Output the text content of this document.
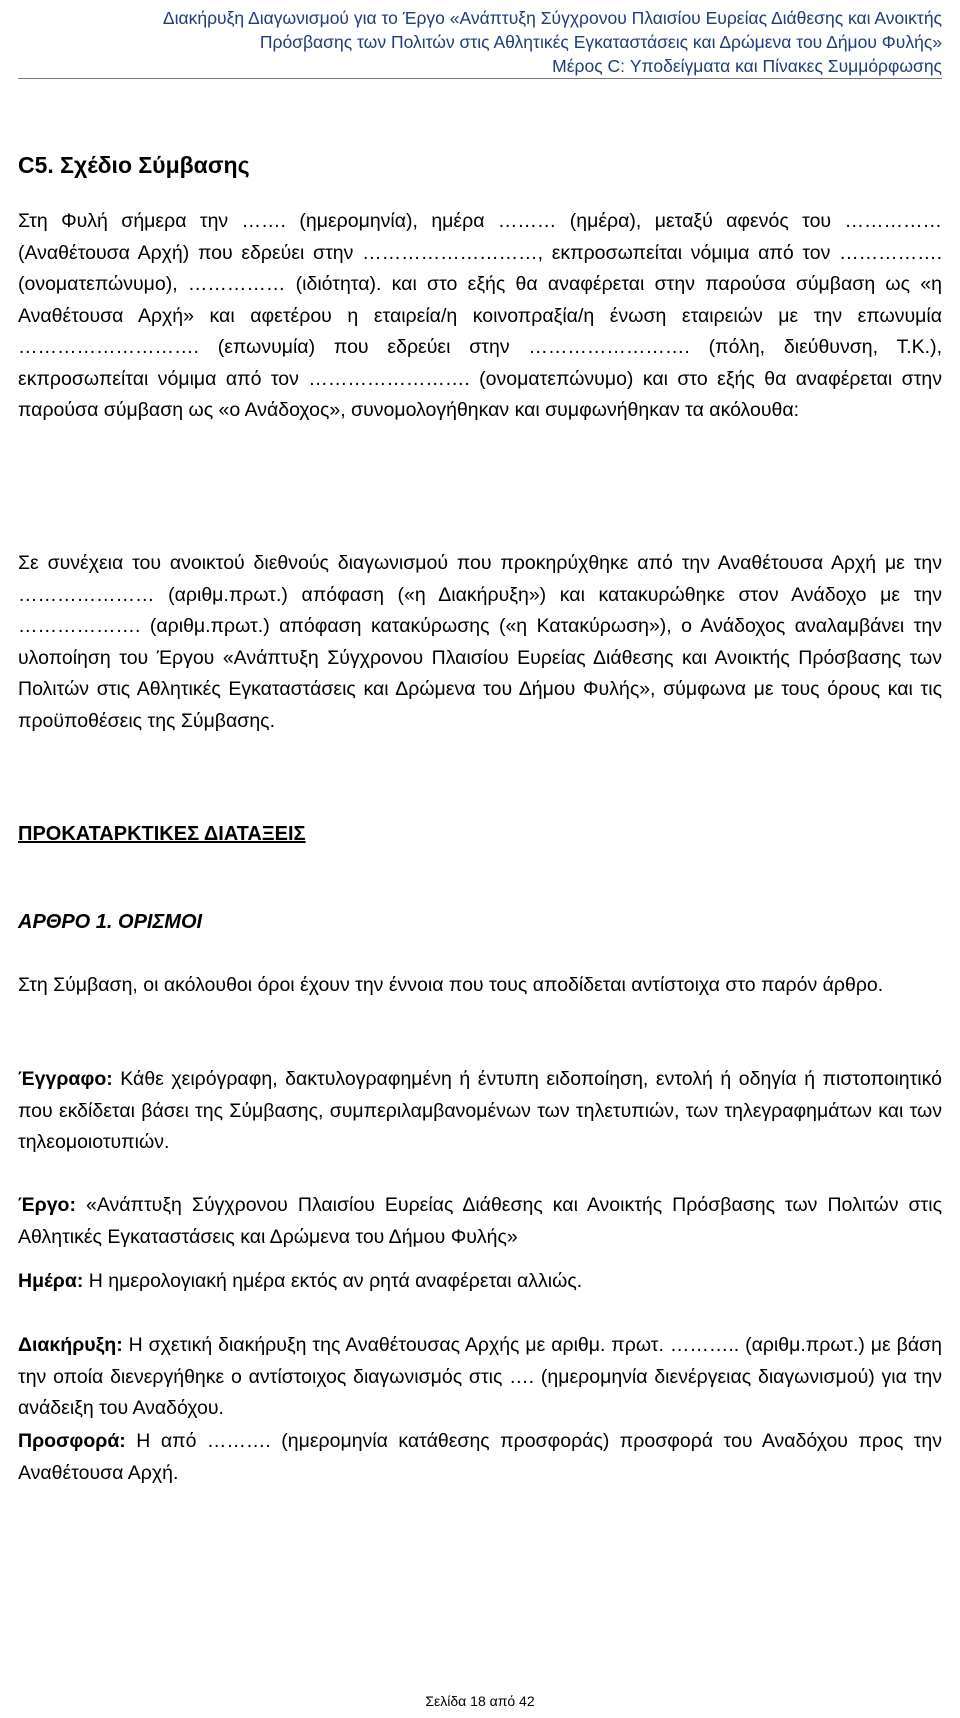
Διακήρυξη Διαγωνισμού για το Έργο «Ανάπτυξη Σύγχρονου Πλαισίου Ευρείας Διάθεσης και Ανοικτής
Πρόσβασης των Πολιτών στις Αθλητικές Εγκαταστάσεις και Δρώμενα του Δήμου Φυλής»
Μέρος C: Υποδείγματα και Πίνακες Συμμόρφωσης
C5. Σχέδιο Σύμβασης
Στη Φυλή σήμερα την ……. (ημερομηνία), ημέρα ……… (ημέρα), μεταξύ αφενός του ……………(Αναθέτουσα Αρχή) που εδρεύει στην ………………………, εκπροσωπείται νόμιμα από τον ……………. (ονοματεπώνυμο), …………… (ιδιότητα). και στο εξής θα αναφέρεται στην παρούσα σύμβαση ως «η Αναθέτουσα Αρχή» και αφετέρου η εταιρεία/η κοινοπραξία/η ένωση εταιρειών με την επωνυμία ………………………. (επωνυμία) που εδρεύει στην ……………………. (πόλη, διεύθυνση, Τ.Κ.), εκπροσωπείται νόμιμα από τον ……………………. (ονοματεπώνυμο) και στο εξής θα αναφέρεται στην παρούσα σύμβαση ως «ο Ανάδοχος», συνομολογήθηκαν και συμφωνήθηκαν τα ακόλουθα:
Σε συνέχεια του ανοικτού διεθνούς διαγωνισμού που προκηρύχθηκε από την Αναθέτουσα Αρχή με την ………………… (αριθμ.πρωτ.) απόφαση («η Διακήρυξη») και κατακυρώθηκε στον Ανάδοχο με την ………………. (αριθμ.πρωτ.) απόφαση κατακύρωσης («η Κατακύρωση»), ο Ανάδοχος αναλαμβάνει την υλοποίηση του Έργου «Ανάπτυξη Σύγχρονου Πλαισίου Ευρείας Διάθεσης και Ανοικτής Πρόσβασης των Πολιτών στις Αθλητικές Εγκαταστάσεις και Δρώμενα του Δήμου Φυλής», σύμφωνα με τους όρους και τις προϋποθέσεις της Σύμβασης.
ΠΡΟΚΑΤΑΡΚΤΙΚΕΣ ΔΙΑΤΑΞΕΙΣ
ΑΡΘΡΟ 1. ΟΡΙΣΜΟΙ
Στη Σύμβαση, οι ακόλουθοι όροι έχουν την έννοια που τους αποδίδεται αντίστοιχα στο παρόν άρθρο.
Έγγραφο: Κάθε χειρόγραφη, δακτυλογραφημένη ή έντυπη ειδοποίηση, εντολή ή οδηγία ή πιστοποιητικό που εκδίδεται βάσει της Σύμβασης, συμπεριλαμβανομένων των τηλετυπιών, των τηλεγραφημάτων και των τηλεομοιοτυπιών.
Έργο: «Ανάπτυξη Σύγχρονου Πλαισίου Ευρείας Διάθεσης και Ανοικτής Πρόσβασης των Πολιτών στις Αθλητικές Εγκαταστάσεις και Δρώμενα του Δήμου Φυλής»
Ημέρα: Η ημερολογιακή ημέρα εκτός αν ρητά αναφέρεται αλλιώς.
Διακήρυξη: Η σχετική διακήρυξη της Αναθέτουσας Αρχής με αριθμ. πρωτ. ……….. (αριθμ.πρωτ.) με βάση την οποία διενεργήθηκε ο αντίστοιχος διαγωνισμός στις …. (ημερομηνία διενέργειας διαγωνισμού) για την ανάδειξη του Αναδόχου.
Προσφορά: Η από ………. (ημερομηνία κατάθεσης προσφοράς) προσφορά του Αναδόχου προς την Αναθέτουσα Αρχή.
Σελίδα 18 από 42
